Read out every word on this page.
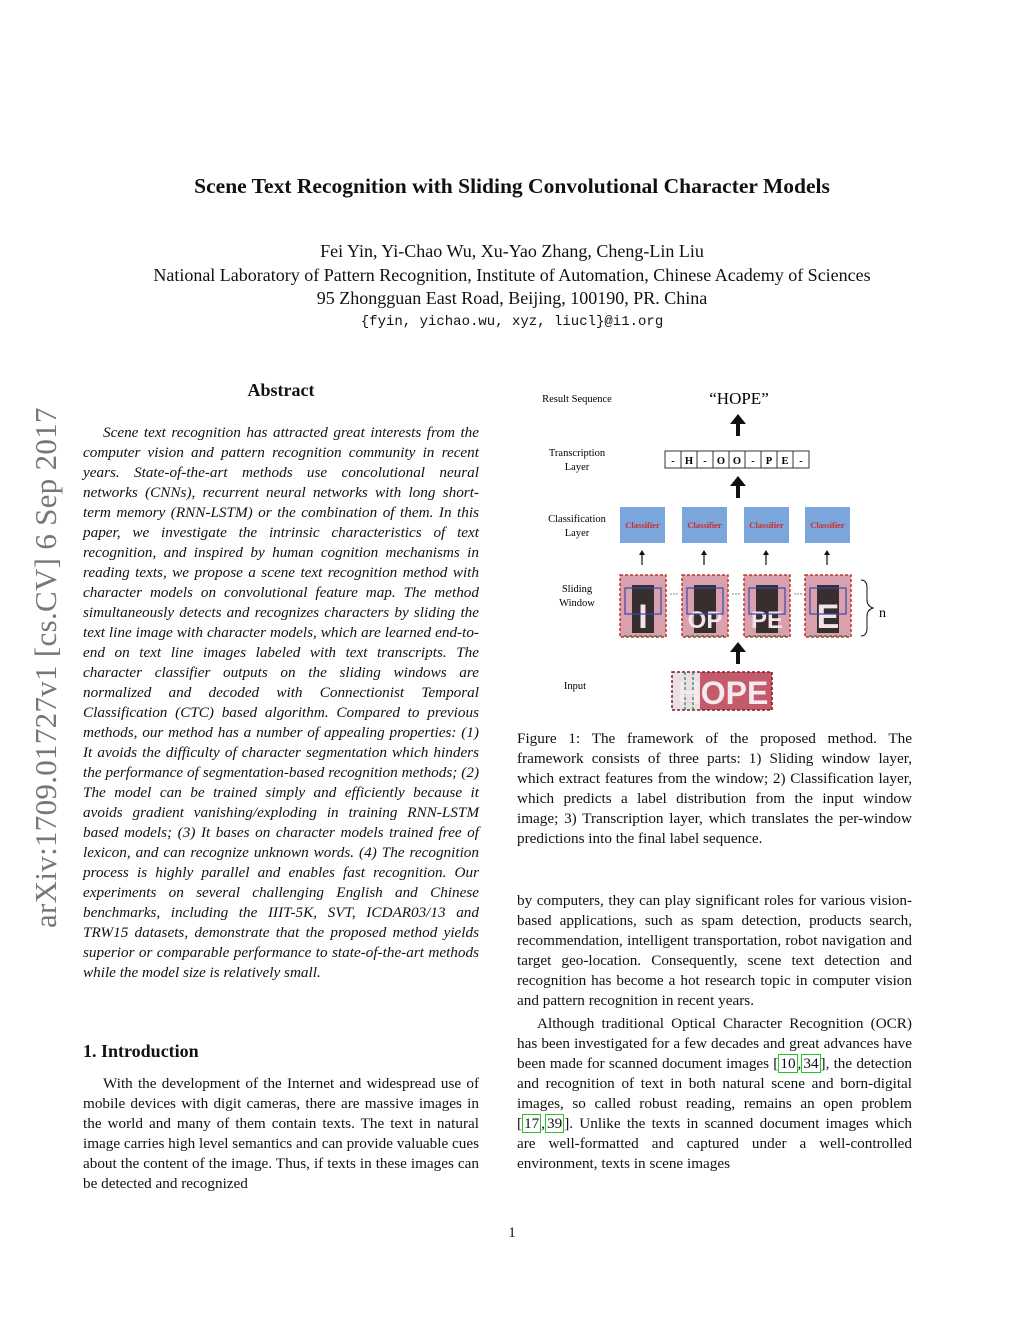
Scene Text Recognition with Sliding Convolutional Character Models
Fei Yin, Yi-Chao Wu, Xu-Yao Zhang, Cheng-Lin Liu
National Laboratory of Pattern Recognition, Institute of Automation, Chinese Academy of Sciences
95 Zhongguan East Road, Beijing, 100190, PR. China
{fyin, yichao.wu, xyz, liucl}@i1.org
arXiv:1709.01727v1 [cs.CV] 6 Sep 2017
Abstract

Scene text recognition has attracted great interests from the computer vision and pattern recognition community in recent years. State-of-the-art methods use concolutional neural networks (CNNs), recurrent neural networks with long short-term memory (RNN-LSTM) or the combination of them. In this paper, we investigate the intrinsic characteristics of text recognition, and inspired by human cognition mechanisms in reading texts, we propose a scene text recognition method with character models on convolutional feature map. The method simultaneously detects and recognizes characters by sliding the text line image with character models, which are learned end-to-end on text line images labeled with text transcripts. The character classifier outputs on the sliding windows are normalized and decoded with Connectionist Temporal Classification (CTC) based algorithm. Compared to previous methods, our method has a number of appealing properties: (1) It avoids the difficulty of character segmentation which hinders the performance of segmentation-based recognition methods; (2) The model can be trained simply and efficiently because it avoids gradient vanishing/exploding in training RNN-LSTM based models; (3) It bases on character models trained free of lexicon, and can recognize unknown words. (4) The recognition process is highly parallel and enables fast recognition. Our experiments on several challenging English and Chinese benchmarks, including the IIIT-5K, SVT, ICDAR03/13 and TRW15 datasets, demonstrate that the proposed method yields superior or comparable performance to state-of-the-art methods while the model size is relatively small.

1. Introduction

With the development of the Internet and widespread use of mobile devices with digit cameras, there are massive images in the world and many of them contain texts. The text in natural image carries high level semantics and can provide valuable cues about the content of the image. Thus, if texts in these images can be detected and recognized

Result Sequence	“HOPE”
Transcription
Layer
Classification
Layer
Sliding
Window
Input
- H - O O - P E -
Classifier	Classifier	Classifier	Classifier
I
···
OP
···
PE
···
E	n
HOPE

Figure 1: The framework of the proposed method. The framework consists of three parts: 1) Sliding window layer, which extract features from the window; 2) Classification layer, which predicts a label distribution from the input window image; 3) Transcription layer, which translates the per-window predictions into the final label sequence.

by computers, they can play significant roles for various vision-based applications, such as spam detection, products search, recommendation, intelligent transportation, robot navigation and target geo-location. Consequently, scene text detection and recognition has become a hot research topic in computer vision and pattern recognition in recent years.

Although traditional Optical Character Recognition (OCR) has been investigated for a few decades and great advances have been made for scanned document images [ 10 , 34 ], the detection and recognition of text in both natural scene and born-digital images, so called robust reading, remains an open problem [ 17 , 39 ]. Unlike the texts in scanned document images which are well-formatted and captured under a well-controlled environment, texts in scene images

1
